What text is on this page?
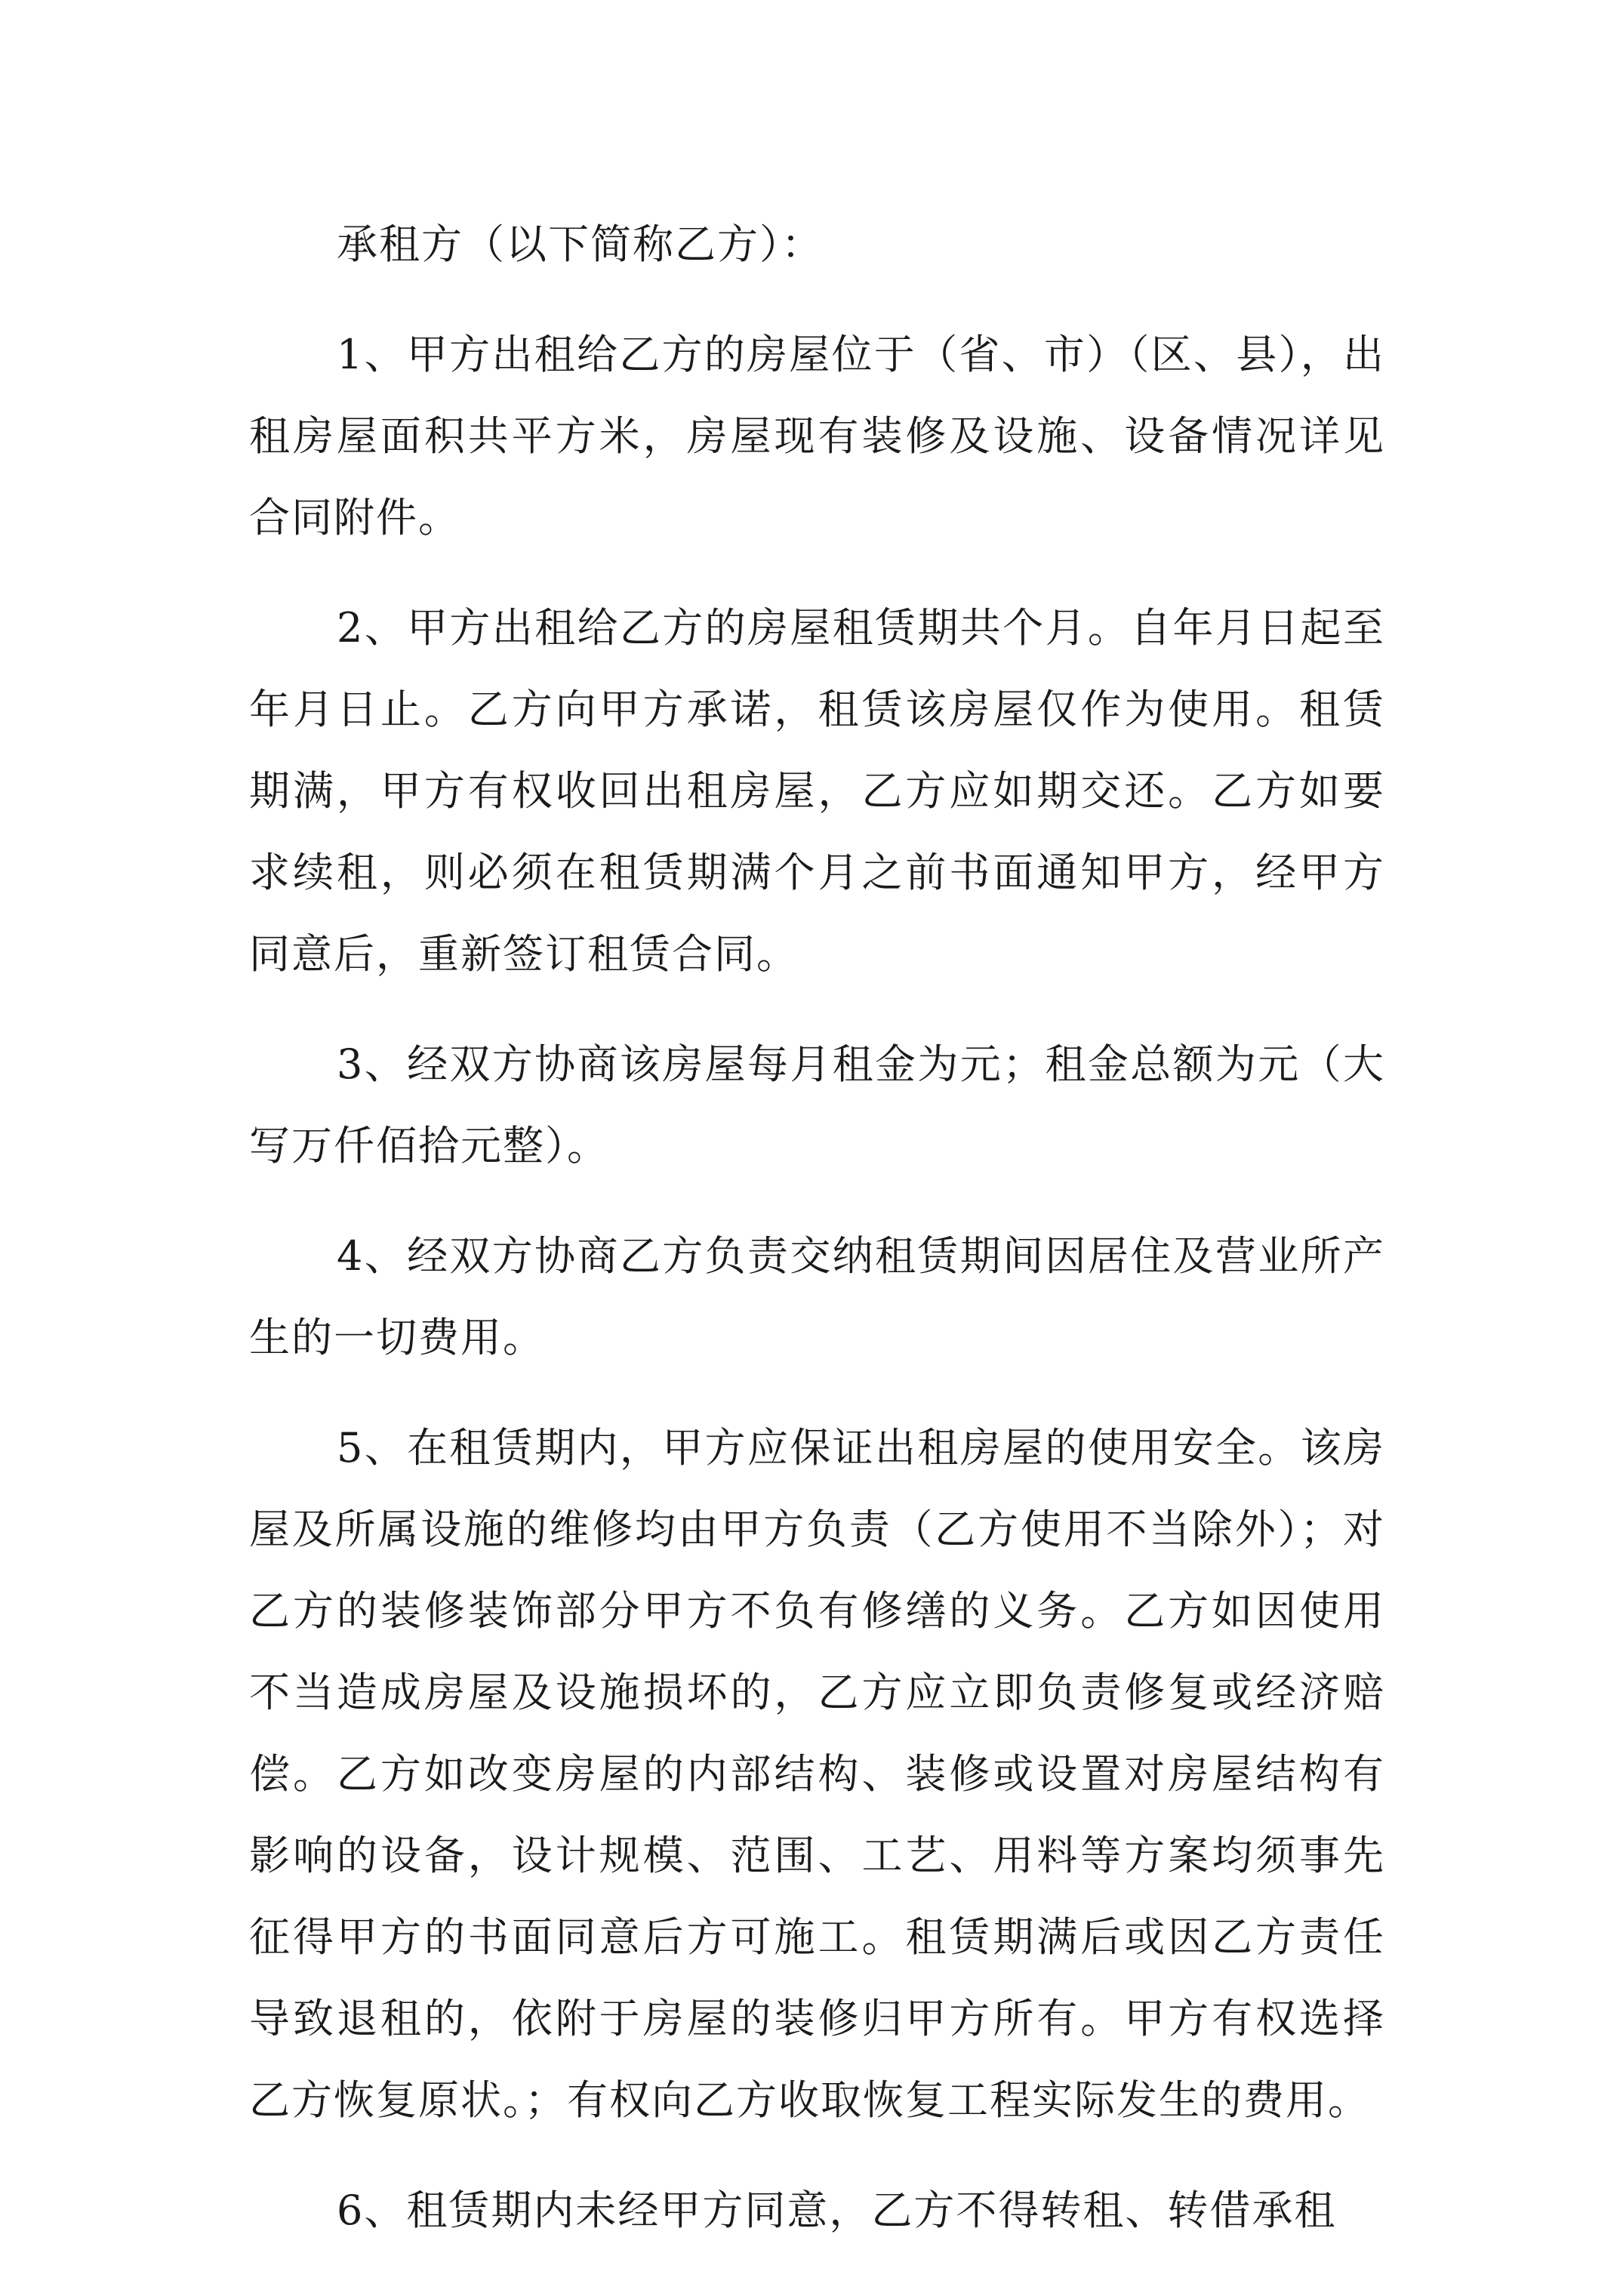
承租方（以下简称乙方）：

1、甲方出租给乙方的房屋位于（省、市）（区、县），出租房屋面积共平方米，房屋现有装修及设施、设备情况详见合同附件。

2、甲方出租给乙方的房屋租赁期共个月。自年月日起至年月日止。乙方向甲方承诺，租赁该房屋仅作为使用。租赁期满，甲方有权收回出租房屋，乙方应如期交还。乙方如要求续租，则必须在租赁期满个月之前书面通知甲方，经甲方同意后，重新签订租赁合同。

3、经双方协商该房屋每月租金为元；租金总额为元（大写万仟佰拾元整）。

4、经双方协商乙方负责交纳租赁期间因居住及营业所产生的一切费用。

5、在租赁期内，甲方应保证出租房屋的使用安全。该房屋及所属设施的维修均由甲方负责（乙方使用不当除外）；对乙方的装修装饰部分甲方不负有修缮的义务。乙方如因使用不当造成房屋及设施损坏的，乙方应立即负责修复或经济赔偿。乙方如改变房屋的内部结构、装修或设置对房屋结构有影响的设备，设计规模、范围、工艺、用料等方案均须事先征得甲方的书面同意后方可施工。租赁期满后或因乙方责任导致退租的，依附于房屋的装修归甲方所有。甲方有权选择乙方恢复原状。；有权向乙方收取恢复工程实际发生的费用。

6、租赁期内未经甲方同意，乙方不得转租、转借承租
